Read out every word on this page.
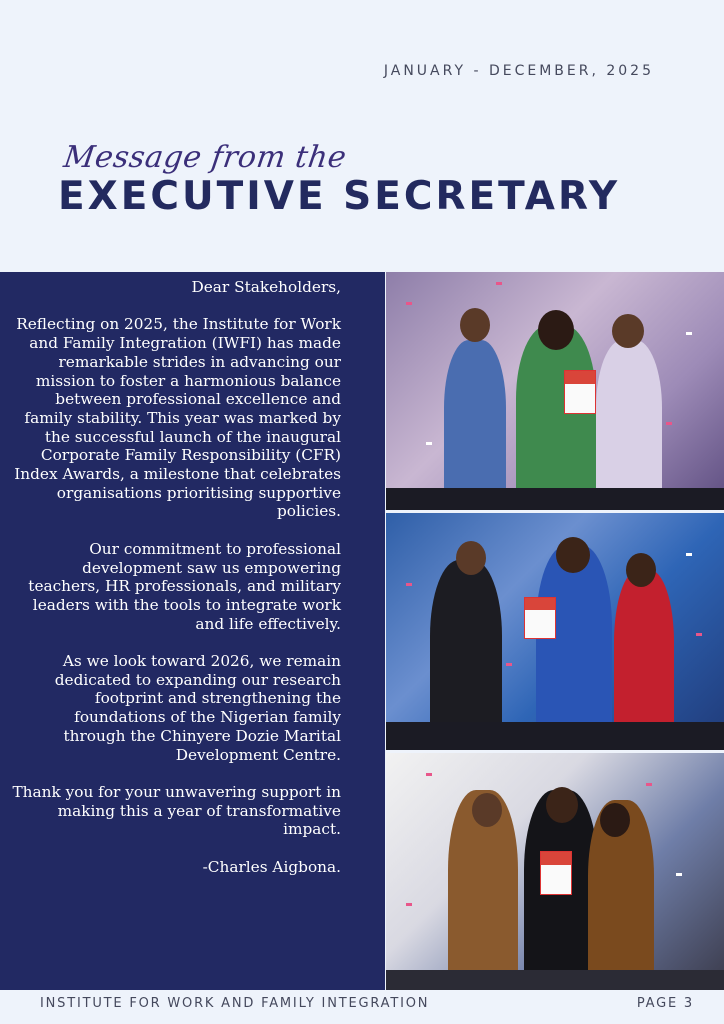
JANUARY - DECEMBER, 2025
Message from the
EXECUTIVE SECRETARY

Dear Stakeholders,

Reflecting on 2025, the Institute for Work and Family Integration (IWFI) has made remarkable strides in advancing our mission to foster a harmonious balance between professional excellence and family stability. This year was marked by the successful launch of the inaugural Corporate Family Responsibility (CFR) Index Awards, a milestone that celebrates organisations prioritising supportive policies.

Our commitment to professional development saw us empowering teachers, HR professionals, and military leaders with the tools to integrate work and life effectively.

As we look toward 2026, we remain dedicated to expanding our research footprint and strengthening the foundations of the Nigerian family through the Chinyere Dozie Marital Development Centre.

Thank you for your unwavering support in making this a year of transformative impact.

-Charles Aigbona.

INSTITUTE FOR WORK AND FAMILY INTEGRATION	PAGE 3
